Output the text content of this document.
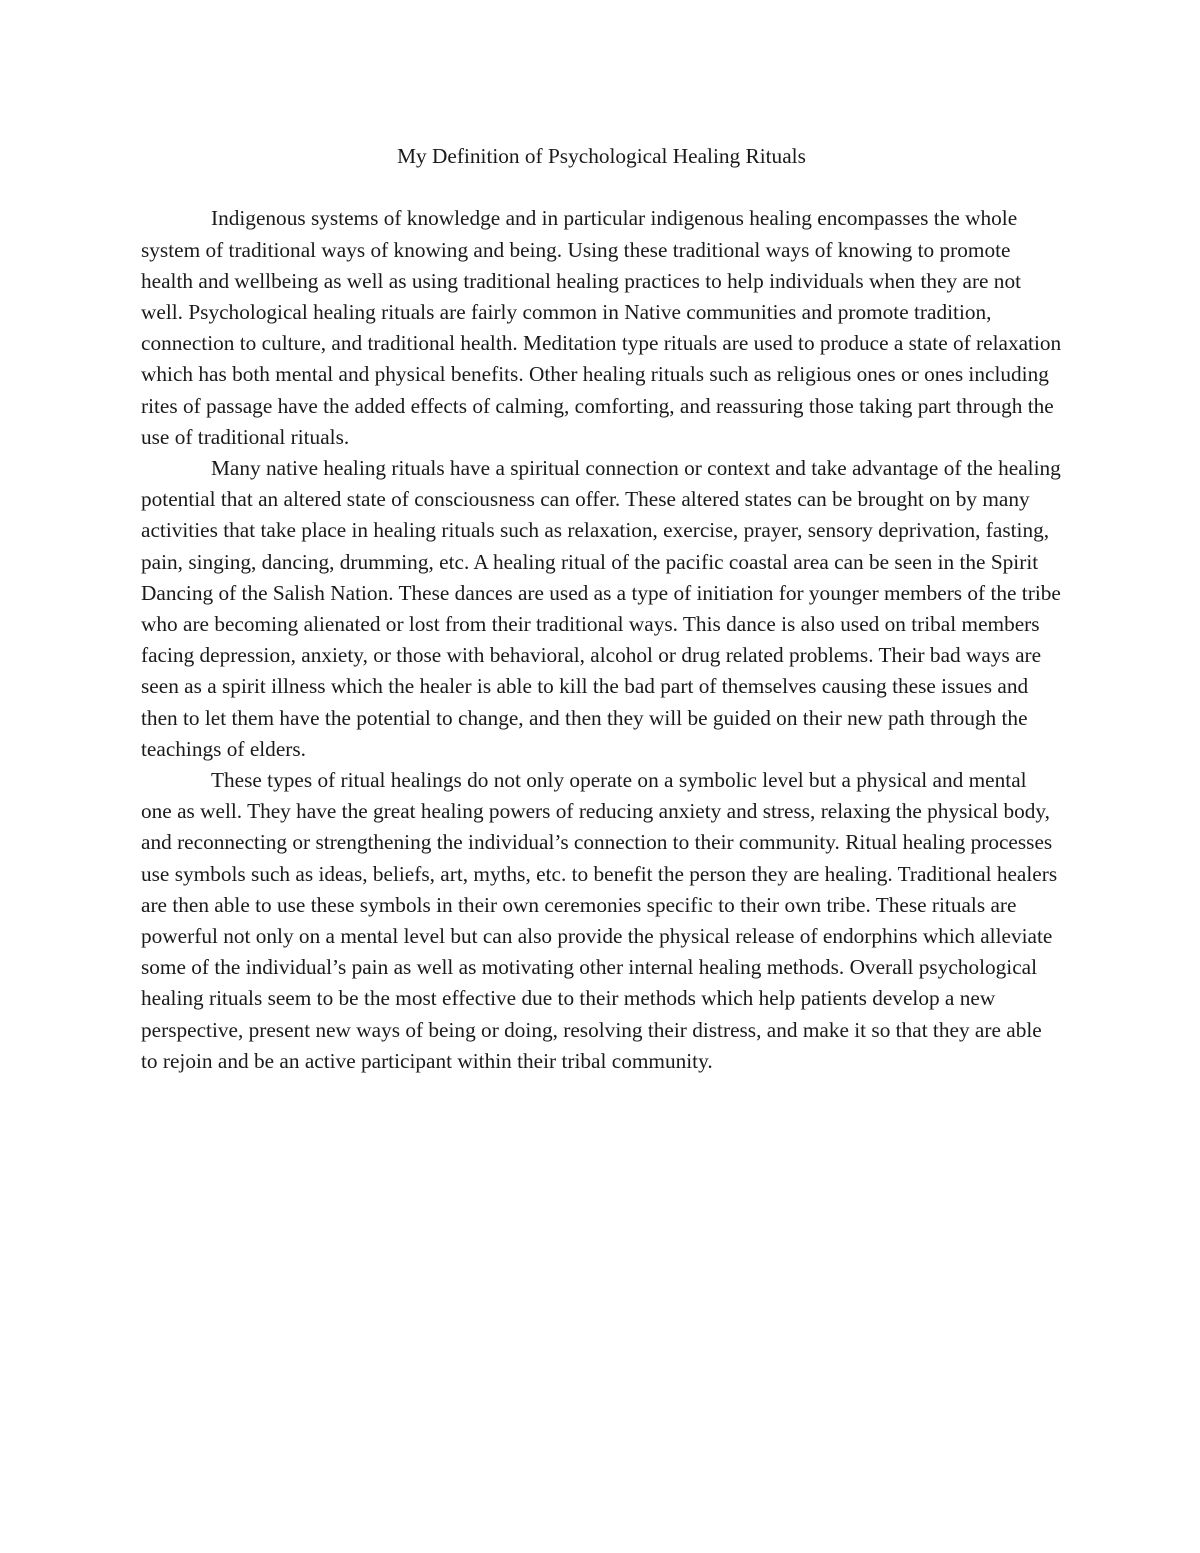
My Definition of Psychological Healing Rituals

Indigenous systems of knowledge and in particular indigenous healing encompasses the whole system of traditional ways of knowing and being. Using these traditional ways of knowing to promote health and wellbeing as well as using traditional healing practices to help individuals when they are not well. Psychological healing rituals are fairly common in Native communities and promote tradition, connection to culture, and traditional health. Meditation type rituals are used to produce a state of relaxation which has both mental and physical benefits. Other healing rituals such as religious ones or ones including rites of passage have the added effects of calming, comforting, and reassuring those taking part through the use of traditional rituals.

Many native healing rituals have a spiritual connection or context and take advantage of the healing potential that an altered state of consciousness can offer. These altered states can be brought on by many activities that take place in healing rituals such as relaxation, exercise, prayer, sensory deprivation, fasting, pain, singing, dancing, drumming, etc. A healing ritual of the pacific coastal area can be seen in the Spirit Dancing of the Salish Nation. These dances are used as a type of initiation for younger members of the tribe who are becoming alienated or lost from their traditional ways. This dance is also used on tribal members facing depression, anxiety, or those with behavioral, alcohol or drug related problems. Their bad ways are seen as a spirit illness which the healer is able to kill the bad part of themselves causing these issues and then to let them have the potential to change, and then they will be guided on their new path through the teachings of elders.

These types of ritual healings do not only operate on a symbolic level but a physical and mental one as well. They have the great healing powers of reducing anxiety and stress, relaxing the physical body, and reconnecting or strengthening the individual’s connection to their community. Ritual healing processes use symbols such as ideas, beliefs, art, myths, etc. to benefit the person they are healing. Traditional healers are then able to use these symbols in their own ceremonies specific to their own tribe. These rituals are powerful not only on a mental level but can also provide the physical release of endorphins which alleviate some of the individual’s pain as well as motivating other internal healing methods. Overall psychological healing rituals seem to be the most effective due to their methods which help patients develop a new perspective, present new ways of being or doing, resolving their distress, and make it so that they are able to rejoin and be an active participant within their tribal community.
